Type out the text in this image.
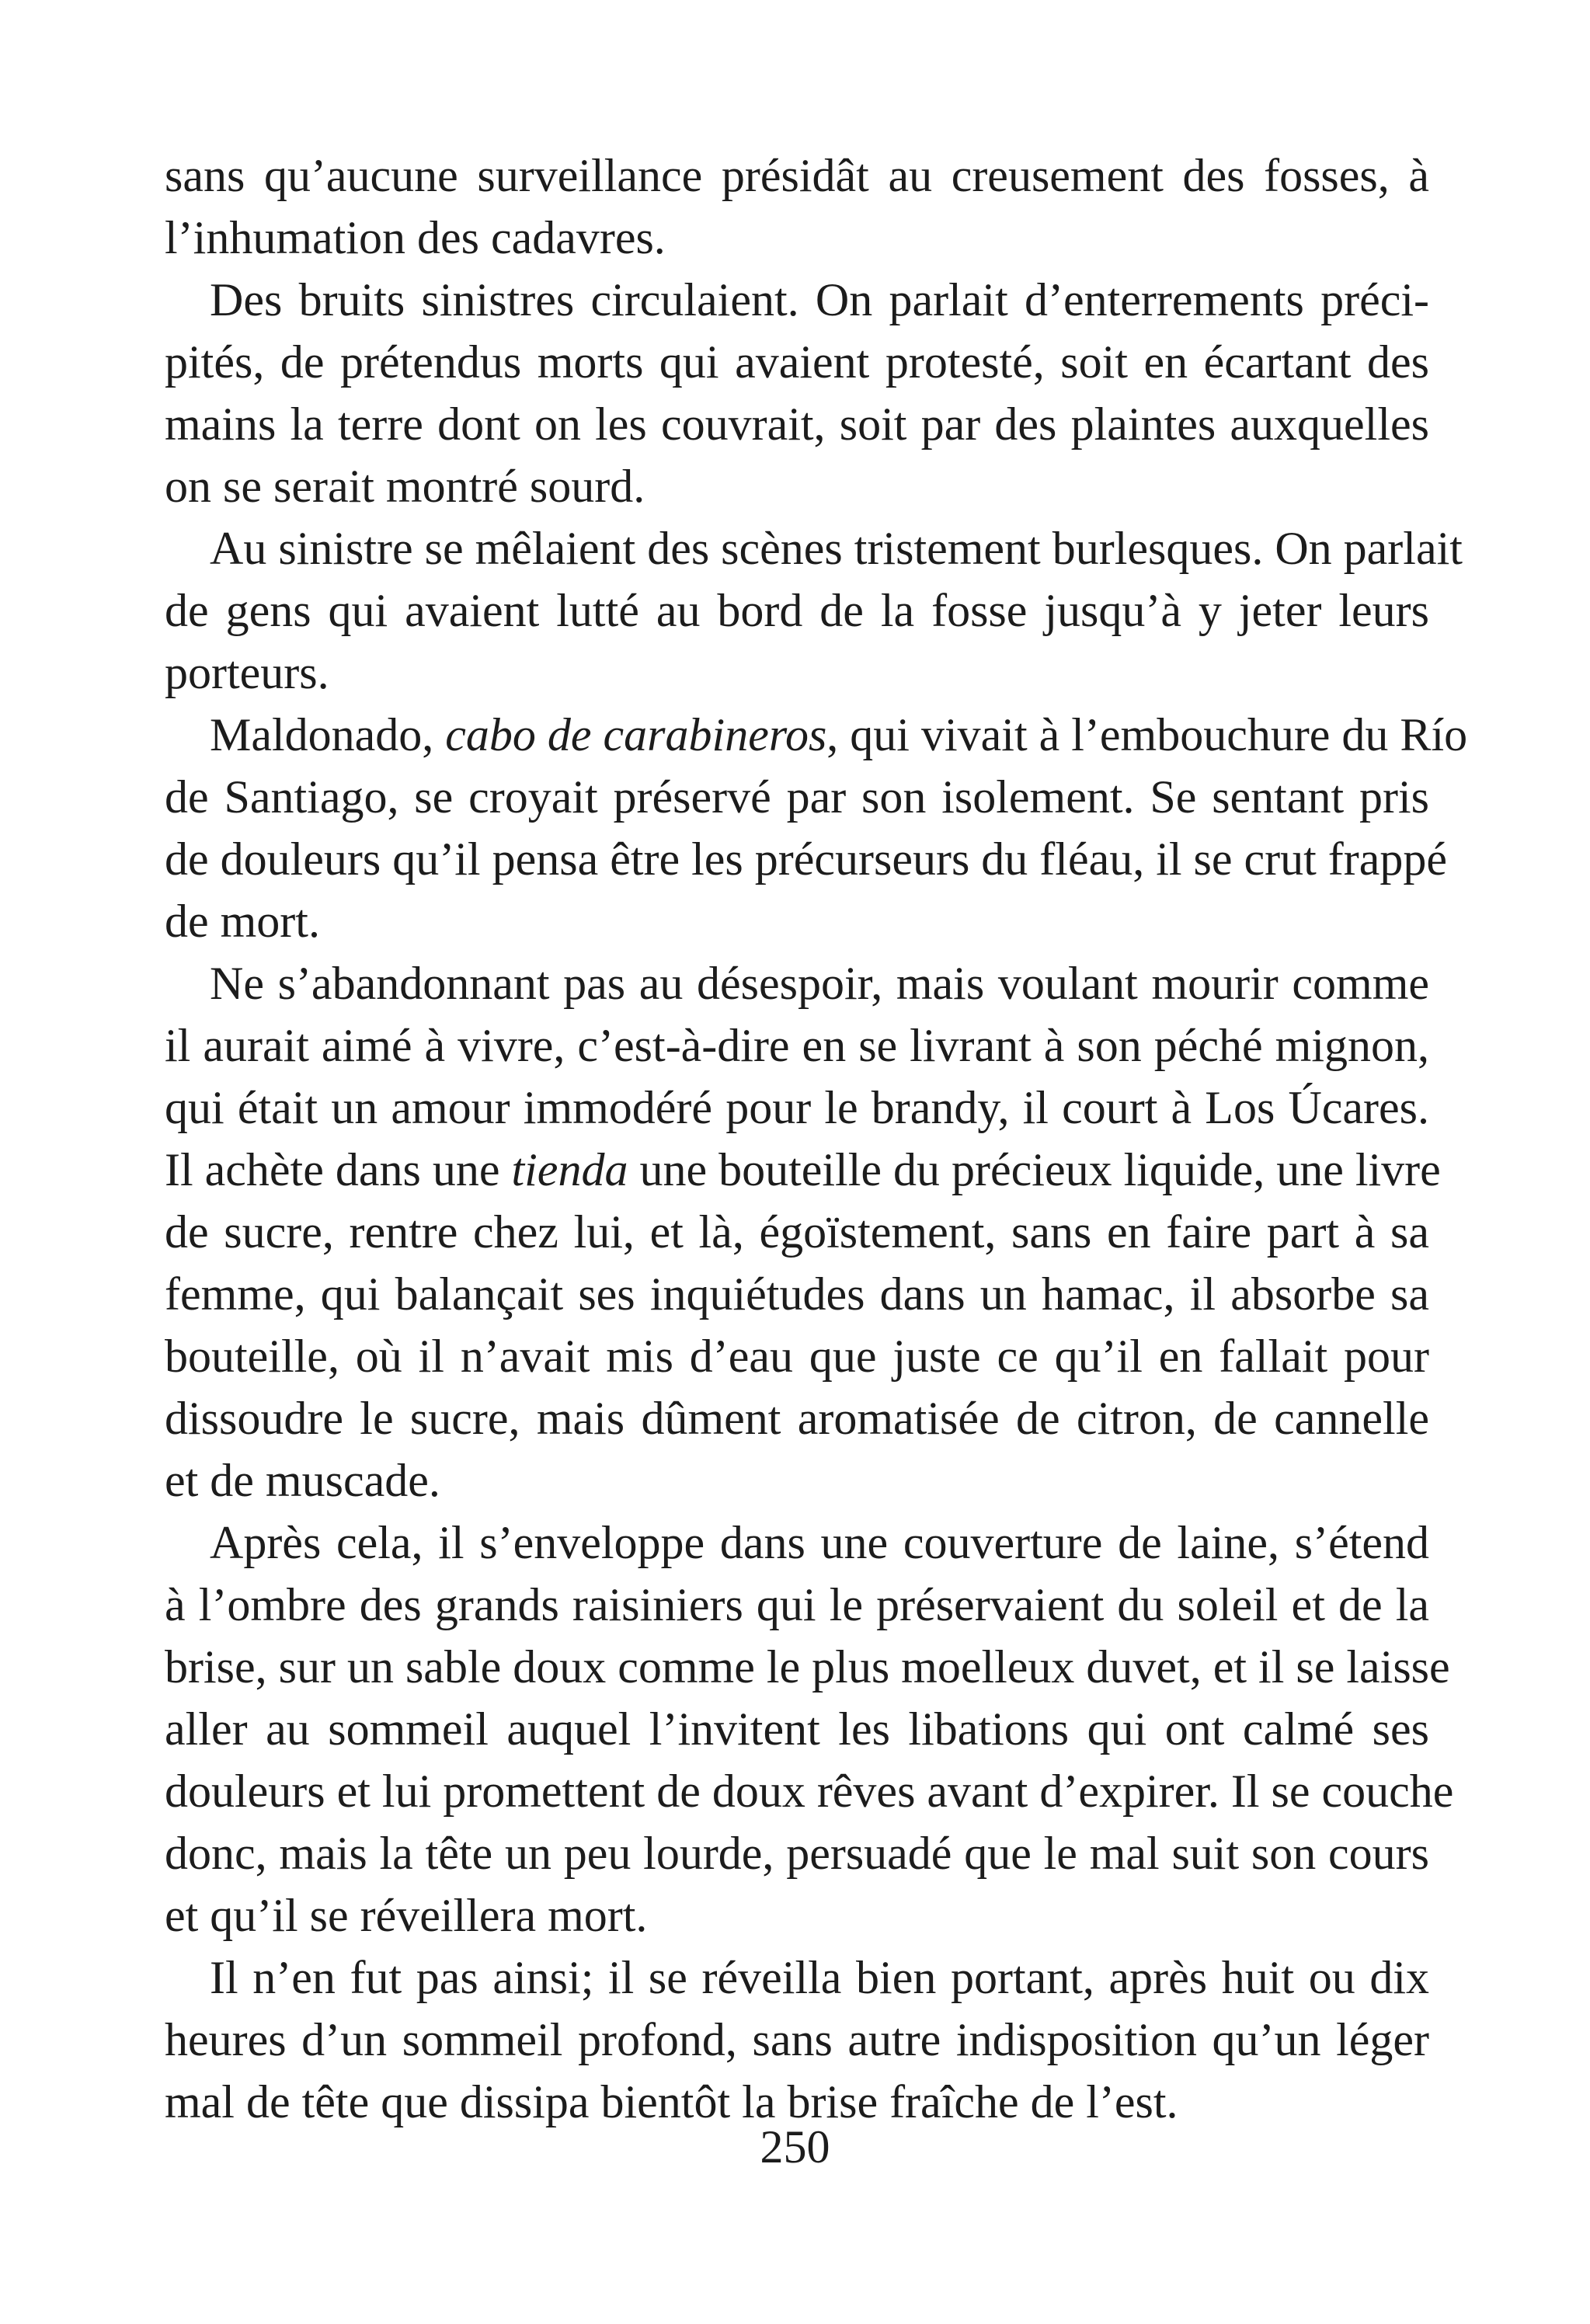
sans qu’aucune surveillance présidât au creusement des fosses, à
l’inhumation des cadavres.
Des bruits sinistres circulaient. On parlait d’enterrements préci-
pités, de prétendus morts qui avaient protesté, soit en écartant des
mains la terre dont on les couvrait, soit par des plaintes auxquelles
on se serait montré sourd.
Au sinistre se mêlaient des scènes tristement burlesques. On parlait
de gens qui avaient lutté au bord de la fosse jusqu’à y jeter leurs
porteurs.
Maldonado, cabo de carabineros, qui vivait à l’embouchure du Río
de Santiago, se croyait préservé par son isolement. Se sentant pris
de douleurs qu’il pensa être les précurseurs du fléau, il se crut frappé
de mort.
Ne s’abandonnant pas au désespoir, mais voulant mourir comme
il aurait aimé à vivre, c’est-à-dire en se livrant à son péché mignon,
qui était un amour immodéré pour le brandy, il court à Los Úcares.
Il achète dans une tienda une bouteille du précieux liquide, une livre
de sucre, rentre chez lui, et là, égoïstement, sans en faire part à sa
femme, qui balançait ses inquiétudes dans un hamac, il absorbe sa
bouteille, où il n’avait mis d’eau que juste ce qu’il en fallait pour
dissoudre le sucre, mais dûment aromatisée de citron, de cannelle
et de muscade.
Après cela, il s’enveloppe dans une couverture de laine, s’étend
à l’ombre des grands raisiniers qui le préservaient du soleil et de la
brise, sur un sable doux comme le plus moelleux duvet, et il se laisse
aller au sommeil auquel l’invitent les libations qui ont calmé ses
douleurs et lui promettent de doux rêves avant d’expirer. Il se couche
donc, mais la tête un peu lourde, persuadé que le mal suit son cours
et qu’il se réveillera mort.
Il n’en fut pas ainsi; il se réveilla bien portant, après huit ou dix
heures d’un sommeil profond, sans autre indisposition qu’un léger
mal de tête que dissipa bientôt la brise fraîche de l’est.
250
